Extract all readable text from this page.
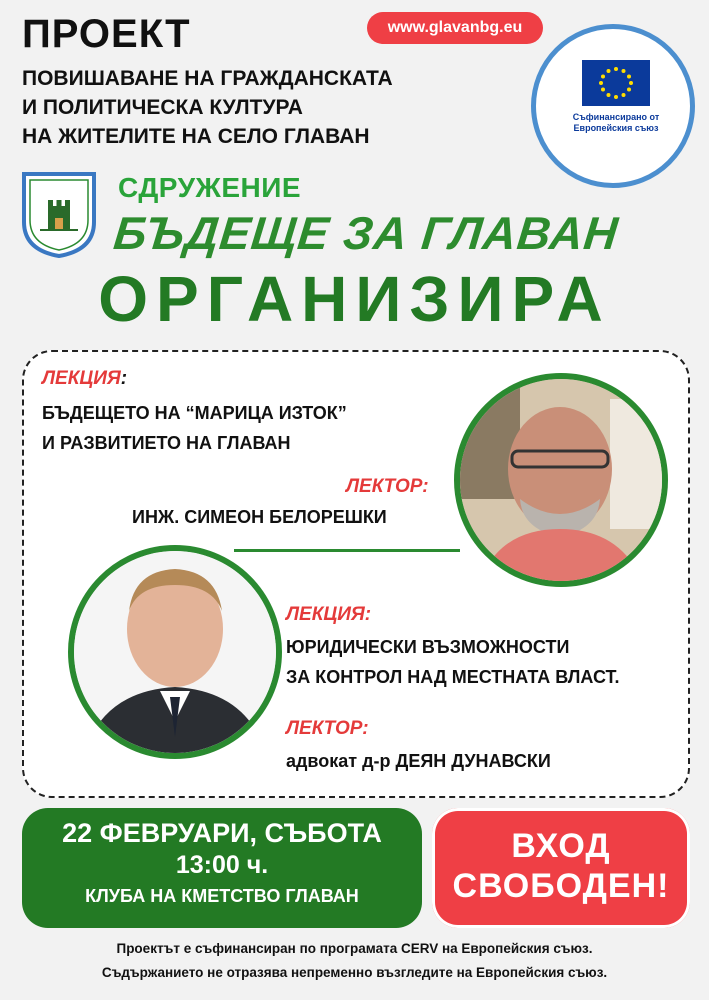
ПРОЕКТ
ПОВИШАВАНЕ НА ГРАЖДАНСКАТА
И ПОЛИТИЧЕСКА КУЛТУРА
НА ЖИТЕЛИТЕ НА СЕЛО ГЛАВАН
www.glavanbg.eu
Съфинансирано от Европейския съюз
СДРУЖЕНИЕ
БЪДЕЩЕ ЗА ГЛАВАН
ОРГАНИЗИРА
ЛЕКЦИЯ:
БЪДЕЩЕТО НА “МАРИЦА ИЗТОК”
И РАЗВИТИЕТО НА ГЛАВАН
ЛЕКТОР:
ИНЖ. СИМЕОН БЕЛОРЕШКИ
ЛЕКЦИЯ:
ЮРИДИЧЕСКИ ВЪЗМОЖНОСТИ
ЗА КОНТРОЛ НАД МЕСТНАТА ВЛАСТ.
ЛЕКТОР:
адвокат д-р ДЕЯН ДУНАВСКИ
22 ФЕВРУАРИ, СЪБОТА
13:00 ч.
КЛУБА НА КМЕТСТВО ГЛАВАН
ВХОД
СВОБОДЕН!
Проектът е съфинансиран по програмата CERV на Европейския съюз.
Съдържанието не отразява непременно възгледите на Европейския съюз.
